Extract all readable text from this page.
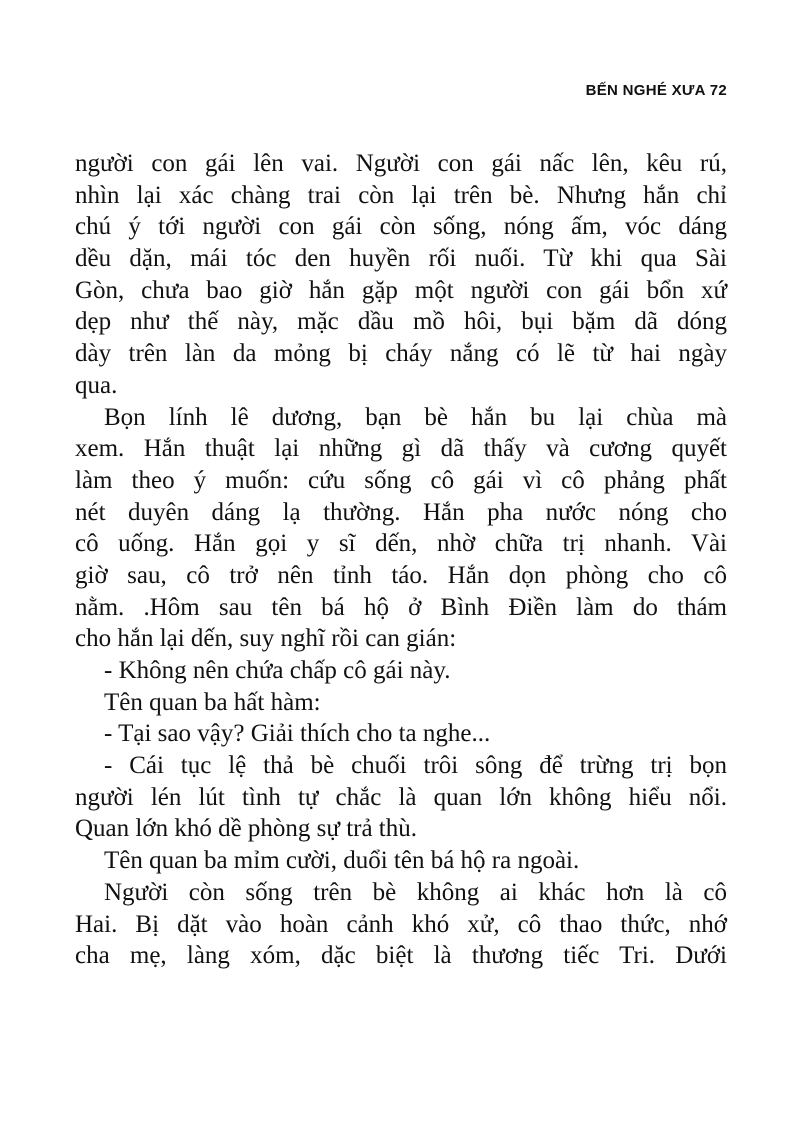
BẾN NGHÉ XƯA 72
người con gái lên vai. Người con gái nấc lên, kêu rú,
nhìn lại xác chàng trai còn lại trên bè. Nhưng hắn chỉ
chú ý tới người con gái còn sống, nóng ấm, vóc dáng
dều dặn, mái tóc den huyền rối nuối. Từ khi qua Sài
Gòn, chưa bao giờ hắn gặp một người con gái bổn xứ
dẹp như thế này, mặc dầu mồ hôi, bụi bặm dã dóng
dày trên làn da mỏng bị cháy nắng có lẽ từ hai ngày
qua.
Bọn lính lê dương, bạn bè hắn bu lại chùa mà
xem. Hắn thuật lại những gì dã thấy và cương quyết
làm theo ý muốn: cứu sống cô gái vì cô phảng phất
nét duyên dáng lạ thường. Hắn pha nước nóng cho
cô uống. Hắn gọi y sĩ dến, nhờ chữa trị nhanh. Vài
giờ sau, cô trở nên tỉnh táo. Hắn dọn phòng cho cô
nằm. .Hôm sau tên bá hộ ở Bình Điền làm do thám
cho hắn lại dến, suy nghĩ rồi can gián:
- Không nên chứa chấp cô gái này.
Tên quan ba hất hàm:
- Tại sao vậy? Giải thích cho ta nghe...
- Cái tục lệ thả bè chuối trôi sông để trừng trị bọn
người lén lút tình tự chắc là quan lớn không hiểu nổi.
Quan lớn khó dề phòng sự trả thù.
Tên quan ba mỉm cười, duổi tên bá hộ ra ngoài.
Người còn sống trên bè không ai khác hơn là cô
Hai. Bị dặt vào hoàn cảnh khó xử, cô thao thức, nhớ
cha mẹ, làng xóm, dặc biệt là thương tiếc Tri. Dưới
